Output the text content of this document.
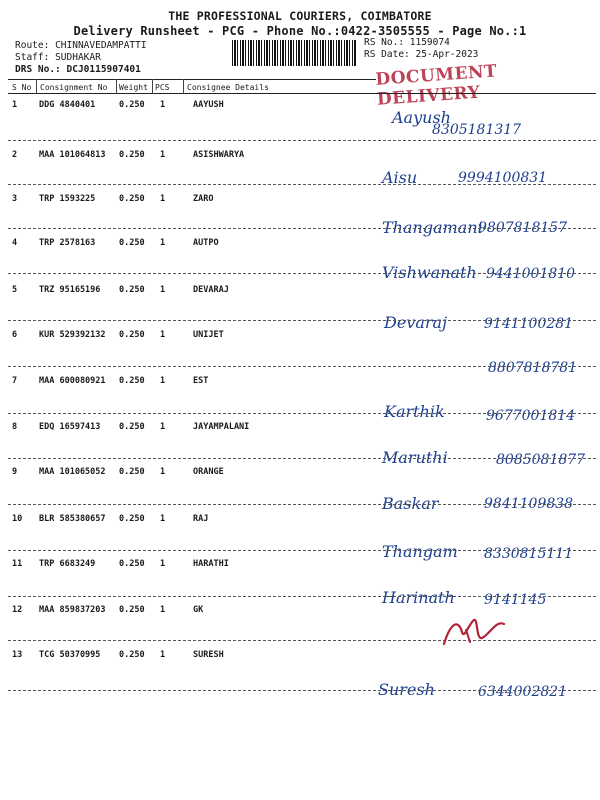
THE PROFESSIONAL COURIERS, COIMBATORE
Delivery Runsheet - PCG - Phone No.:0422-3505555 - Page No.:1
Route: CHINNAVEDAMPATTI
Staff: SUDHAKAR
DRS No.: DCJ0115907401
RS No.: 1159074
RS Date: 25-Apr-2023
DOCUMENT DELIVERY
S No Consignment No Weight PCS Consignee Details
1	DDG 4840401	0.250 1	AAYUSH
Aayush
8305181317
2	MAA 101064813 0.250 1	ASISHWARYA
Aisu	9994100831
3	TRP 1593225	0.250 1	ZARO
Thangamani
9807818157
4	TRP 2578163	0.250 1	AUTPO
Vishwanath 9441001810
5	TRZ 95165196 0.250 1	DEVARAJ
Devaraj	9141100281
6	KUR 529392132 0.250 1	UNIJET
8807818781
7	MAA 600080921 0.250 1	EST
Karthik	9677001814
8	EDQ 16597413 0.250 1	JAYAMPALANI
Maruthi	8085081877
9	MAA 101065052 0.250 1	ORANGE
Baskar	9841109838
10 BLR 585380657 0.250 1	RAJ
Thangam 8330815111
11 TRP 6683249	0.250 1	HARATHI
Harinath 9141145
12 MAA 859837203 0.250 1	GK
13 TCG 50370995 0.250 1	SURESH
Suresh	6344002821
